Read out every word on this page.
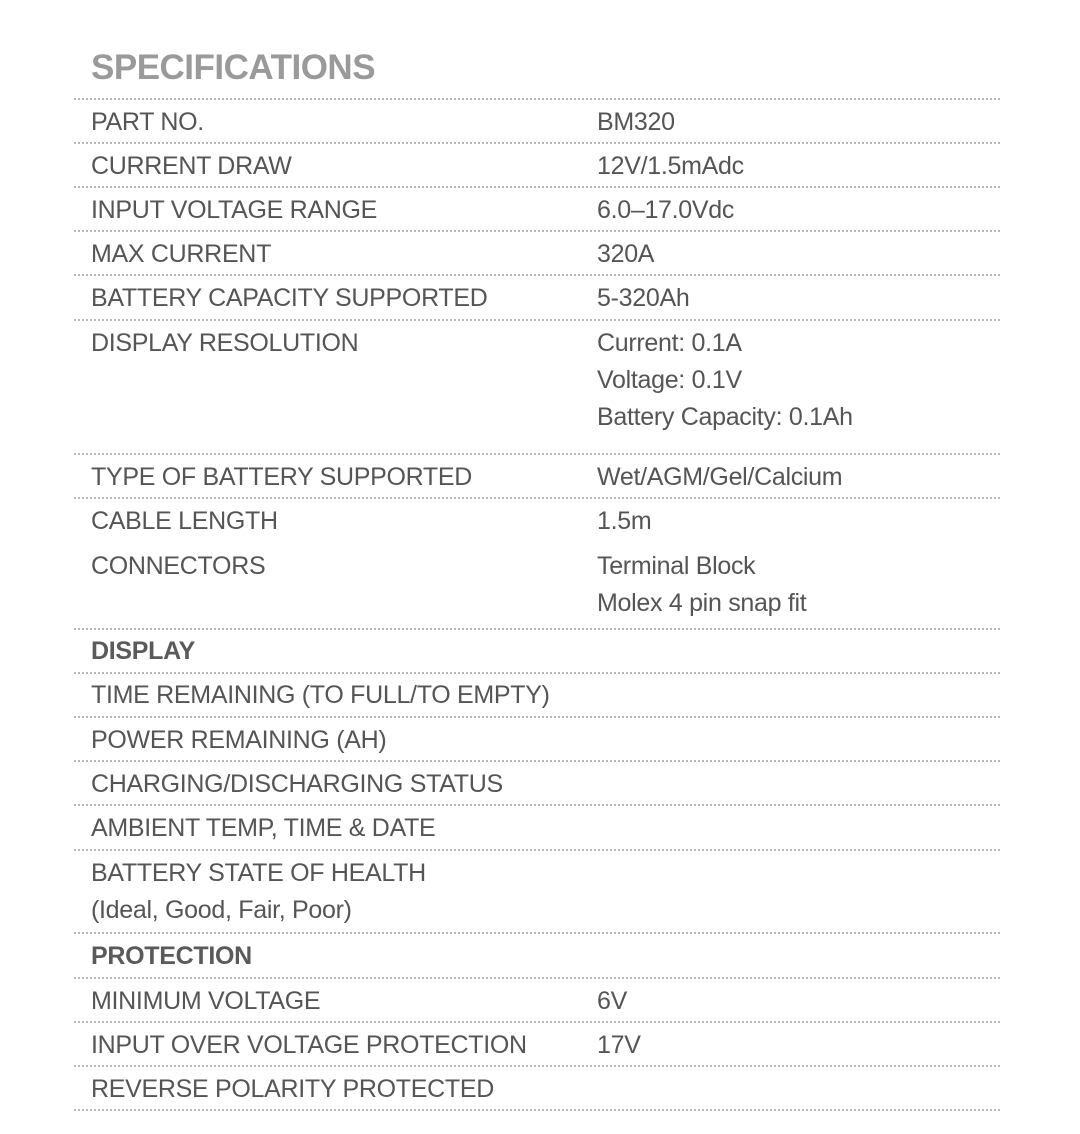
SPECIFICATIONS
PART NO.	BM320
CURRENT DRAW	12V/1.5mAdc
INPUT VOLTAGE RANGE	6.0–17.0Vdc
MAX CURRENT	320A
BATTERY CAPACITY SUPPORTED	5-320Ah
DISPLAY RESOLUTION	Current: 0.1A
Voltage: 0.1V
Battery Capacity: 0.1Ah
TYPE OF BATTERY SUPPORTED	Wet/AGM/Gel/Calcium
CABLE LENGTH	1.5m
CONNECTORS	Terminal Block
Molex 4 pin snap fit
DISPLAY
TIME REMAINING (TO FULL/TO EMPTY)
POWER REMAINING (AH)
CHARGING/DISCHARGING STATUS
AMBIENT TEMP, TIME & DATE
BATTERY STATE OF HEALTH
(Ideal, Good, Fair, Poor)
PROTECTION
MINIMUM VOLTAGE	6V
INPUT OVER VOLTAGE PROTECTION	17V
REVERSE POLARITY PROTECTED
